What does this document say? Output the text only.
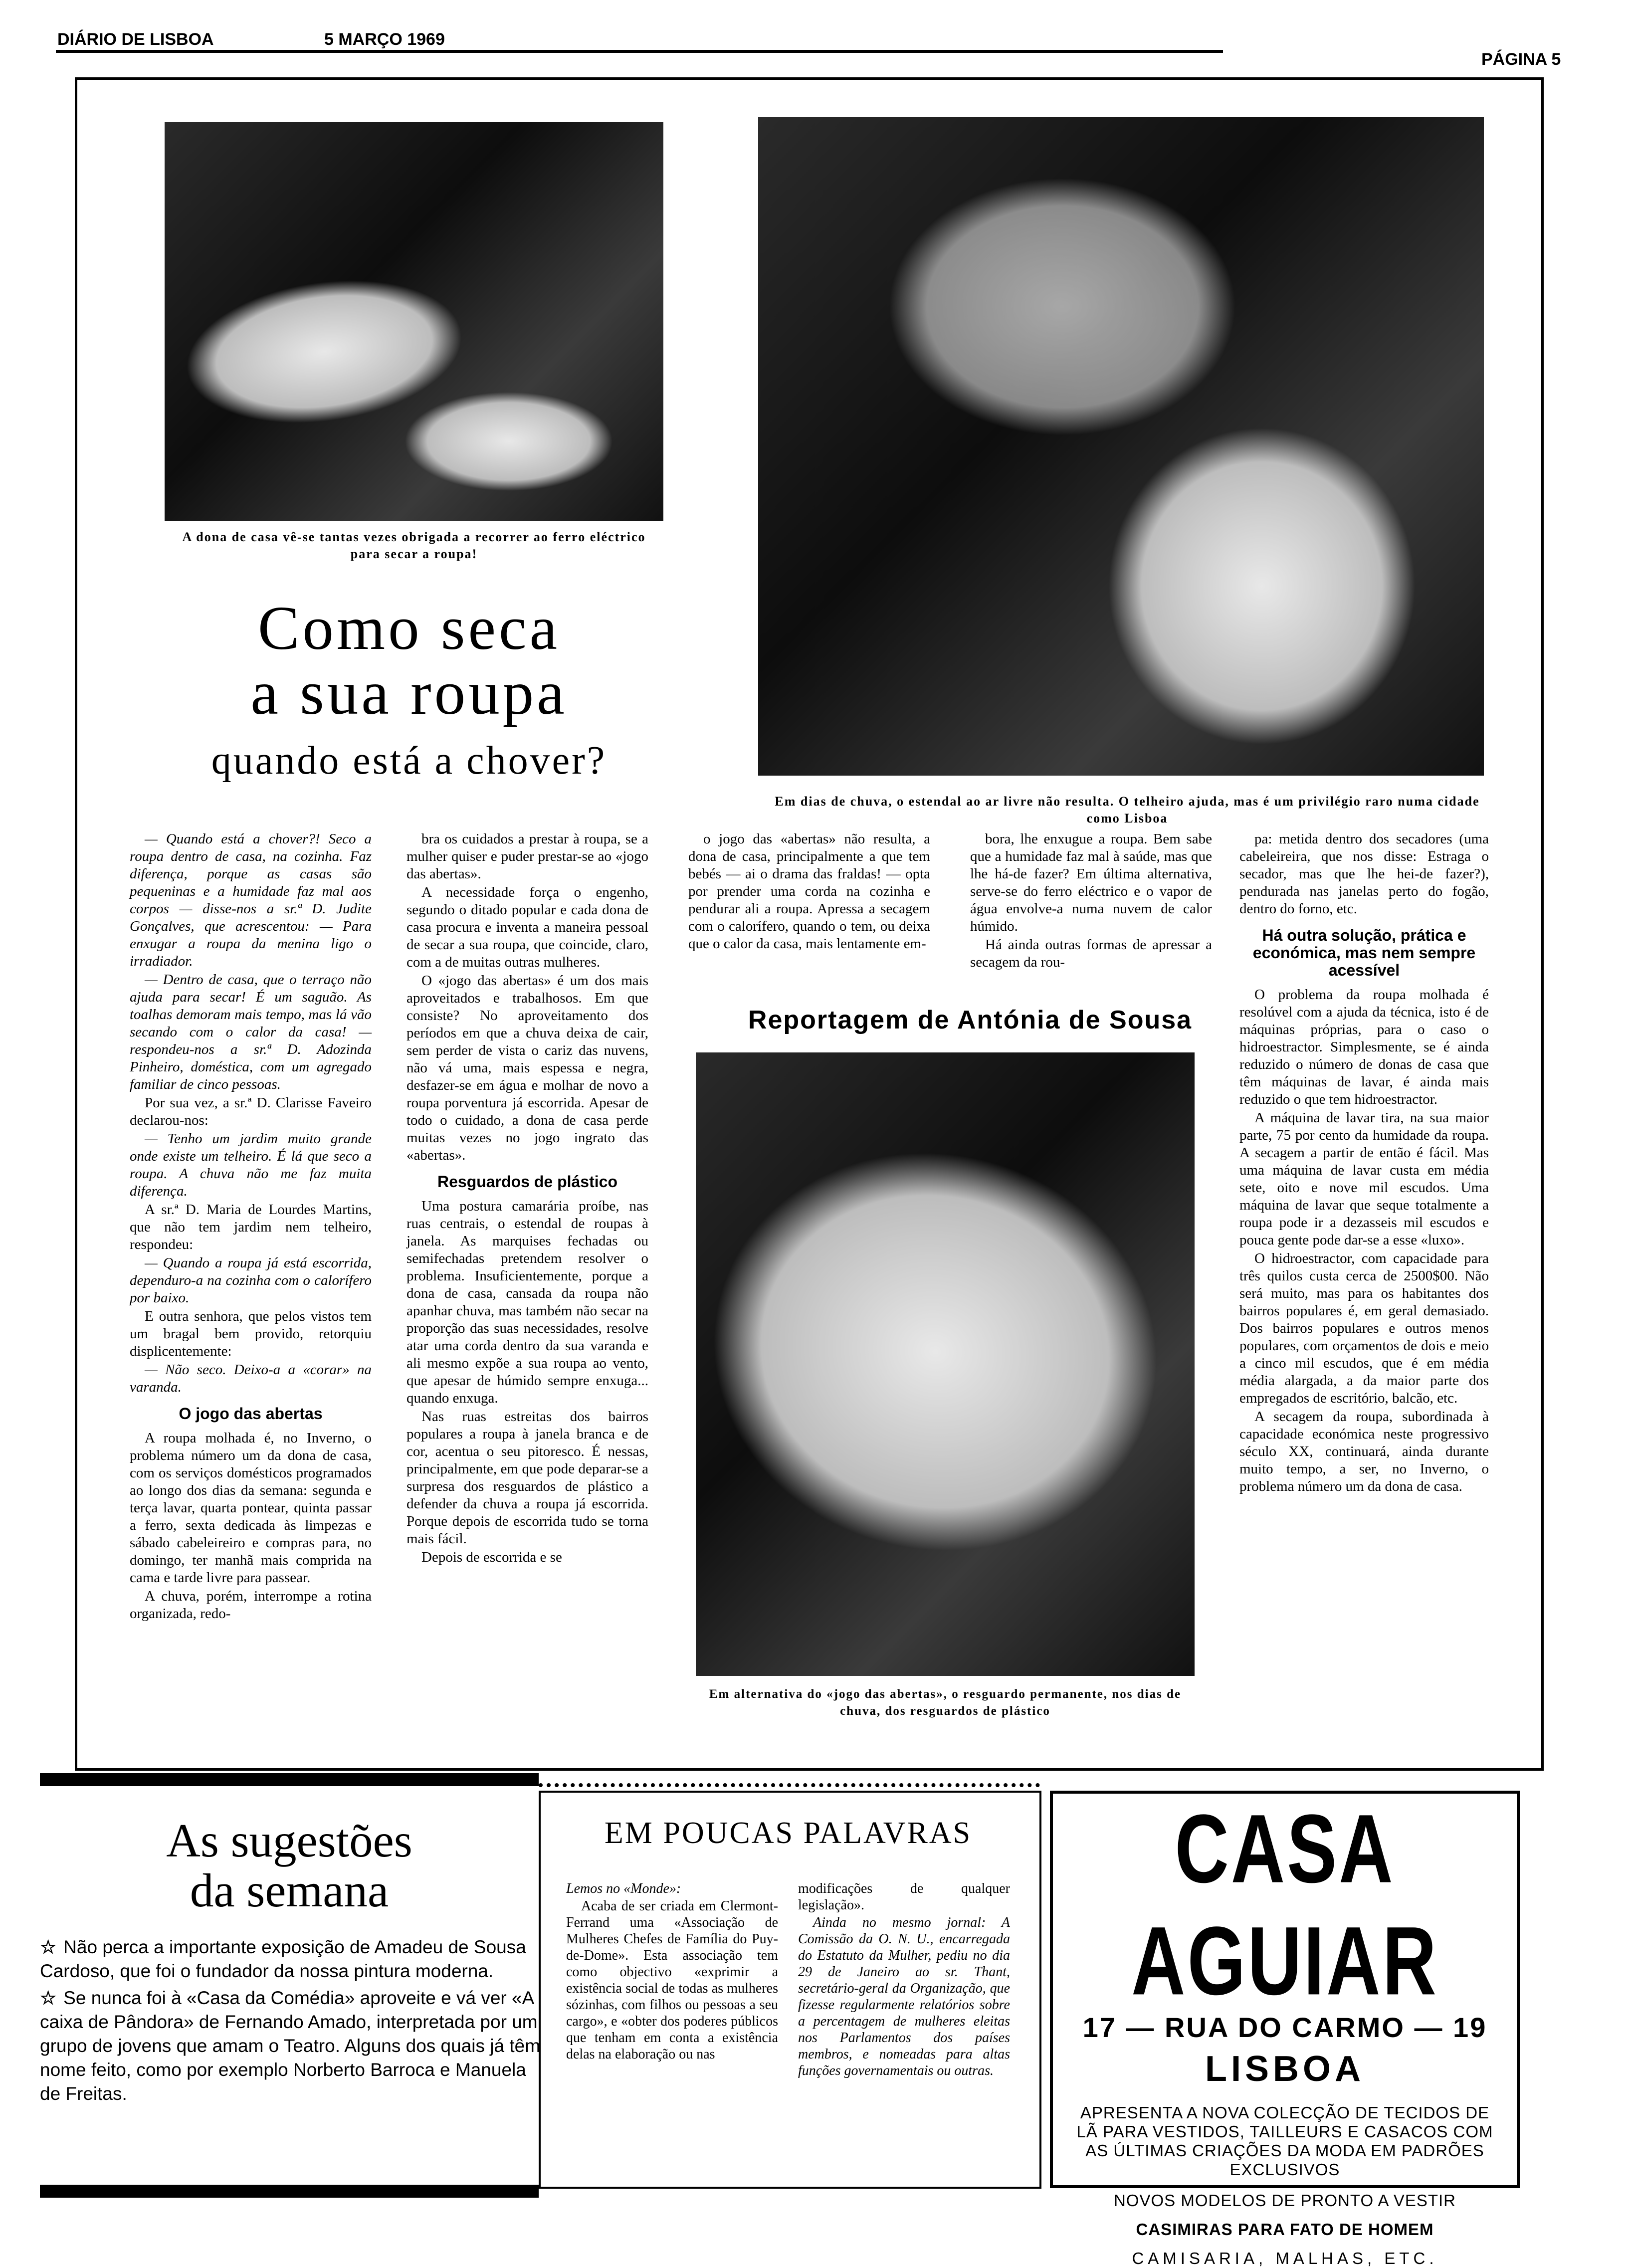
DIÁRIO DE LISBOA	5 MARÇO 1969
PÁGINA 5
A dona de casa vê-se tantas vezes obrigada a recorrer ao ferro eléctrico para secar a roupa!
Em dias de chuva, o estendal ao ar livre não resulta. O telheiro ajuda, mas é um privilégio raro numa cidade como Lisboa
Como seca
a sua roupa
quando está a chover?

— Quando está a chover?! Seco a roupa dentro de casa, na cozinha. Faz diferença, porque as casas são pequeninas e a humidade faz mal aos corpos — disse-nos a sr.ª D. Judite Gonçalves, que acrescentou: — Para enxugar a roupa da menina ligo o irradiador.

— Dentro de casa, que o terraço não ajuda para secar! É um saguão. As toalhas demoram mais tempo, mas lá vão secando com o calor da casa! — respondeu-nos a sr.ª D. Adozinda Pinheiro, doméstica, com um agregado familiar de cinco pessoas.

Por sua vez, a sr.ª D. Clarisse Faveiro declarou-nos:

— Tenho um jardim muito grande onde existe um telheiro. É lá que seco a roupa. A chuva não me faz muita diferença.

A sr.ª D. Maria de Lourdes Martins, que não tem jardim nem telheiro, respondeu:

— Quando a roupa já está escorrida, dependuro-a na cozinha com o calorífero por baixo.

E outra senhora, que pelos vistos tem um bragal bem provido, retorquiu displicentemente:

— Não seco. Deixo-a a «corar» na varanda.

O jogo das abertas

A roupa molhada é, no Inverno, o problema número um da dona de casa, com os serviços domésticos programados ao longo dos dias da semana: segunda e terça lavar, quarta pontear, quinta passar a ferro, sexta dedicada às limpezas e sábado cabeleireiro e compras para, no domingo, ter manhã mais comprida na cama e tarde livre para passear.

A chuva, porém, interrompe a rotina organizada, redo-

bra os cuidados a prestar à roupa, se a mulher quiser e puder prestar-se ao «jogo das abertas».

A necessidade força o engenho, segundo o ditado popular e cada dona de casa procura e inventa a maneira pessoal de secar a sua roupa, que coincide, claro, com a de muitas outras mulheres.

O «jogo das abertas» é um dos mais aproveitados e trabalhosos. Em que consiste? No aproveitamento dos períodos em que a chuva deixa de cair, sem perder de vista o cariz das nuvens, não vá uma, mais espessa e negra, desfazer-se em água e molhar de novo a roupa porventura já escorrida. Apesar de todo o cuidado, a dona de casa perde muitas vezes no jogo ingrato das «abertas».

Resguardos de plástico

Uma postura camarária proíbe, nas ruas centrais, o estendal de roupas à janela. As marquises fechadas ou semifechadas pretendem resolver o problema. Insuficientemente, porque a dona de casa, cansada da roupa não apanhar chuva, mas também não secar na proporção das suas necessidades, resolve atar uma corda dentro da sua varanda e ali mesmo expõe a sua roupa ao vento, que apesar de húmido sempre enxuga... quando enxuga.

Nas ruas estreitas dos bairros populares a roupa à janela branca e de cor, acentua o seu pitoresco. É nessas, principalmente, em que pode deparar-se a surpresa dos resguardos de plástico a defender da chuva a roupa já escorrida. Porque depois de escorrida tudo se torna mais fácil.

Depois de escorrida e se

o jogo das «abertas» não resulta, a dona de casa, principalmente a que tem bebés — ai o drama das fraldas! — opta por prender uma corda na cozinha e pendurar ali a roupa. Apressa a secagem com o calorífero, quando o tem, ou deixa que o calor da casa, mais lentamente em-

bora, lhe enxugue a roupa. Bem sabe que a humidade faz mal à saúde, mas que lhe há-de fazer? Em última alternativa, serve-se do ferro eléctrico e o vapor de água envolve-a numa nuvem de calor húmido.

Há ainda outras formas de apressar a secagem da rou-

Reportagem de Antónia de Sousa
Em alternativa do «jogo das abertas», o resguardo permanente, nos dias de chuva, dos resguardos de plástico

pa: metida dentro dos secadores (uma cabeleireira, que nos disse: Estraga o secador, mas que lhe hei-de fazer?), pendurada nas janelas perto do fogão, dentro do forno, etc.

Há outra solução, prática e económica, mas nem sempre acessível

O problema da roupa molhada é resolúvel com a ajuda da técnica, isto é de máquinas próprias, para o caso o hidroestractor. Simplesmente, se é ainda reduzido o número de donas de casa que têm máquinas de lavar, é ainda mais reduzido o que tem hidroestractor.

A máquina de lavar tira, na sua maior parte, 75 por cento da humidade da roupa. A secagem a partir de então é fácil. Mas uma máquina de lavar custa em média sete, oito e nove mil escudos. Uma máquina de lavar que seque totalmente a roupa pode ir a dezasseis mil escudos e pouca gente pode dar-se a esse «luxo».

O hidroestractor, com capacidade para três quilos custa cerca de 2500$00. Não será muito, mas para os habitantes dos bairros populares é, em geral demasiado. Dos bairros populares e outros menos populares, com orçamentos de dois e meio a cinco mil escudos, que é em média média alargada, a da maior parte dos empregados de escritório, balcão, etc.

A secagem da roupa, subordinada à capacidade económica neste progressivo século XX, continuará, ainda durante muito tempo, a ser, no Inverno, o problema número um da dona de casa.

As sugestões
da semana
☆ Não perca a importante exposição de Amadeu de Sousa Cardoso, que foi o fundador da nossa pintura moderna.
☆ Se nunca foi à «Casa da Comédia» aproveite e vá ver «A caixa de Pândora» de Fernando Amado, interpretada por um grupo de jovens que amam o Teatro. Alguns dos quais já têm nome feito, como por exemplo Norberto Barroca e Manuela de Freitas.
EM POUCAS PALAVRAS

Lemos no «Monde»:

Acaba de ser criada em Clermont-Ferrand uma «Associação de Mulheres Chefes de Família do Puy-de-Dome». Esta associação tem como objectivo «exprimir a existência social de todas as mulheres sózinhas, com filhos ou pessoas a seu cargo», e «obter dos poderes públicos que tenham em conta a existência delas na elaboração ou nas

modificações de qualquer legislação».

Ainda no mesmo jornal: A Comissão da O. N. U., encarregada do Estatuto da Mulher, pediu no dia 29 de Janeiro ao sr. Thant, secretário-geral da Organização, que fizesse regularmente relatórios sobre a percentagem de mulheres eleitas nos Parlamentos dos países membros, e nomeadas para altas funções governamentais ou outras.

CASA AGUIAR
17 — RUA DO CARMO — 19
LISBOA
APRESENTA A NOVA COLECÇÃO DE TECIDOS DE LÃ PARA VESTIDOS, TAILLEURS E CASACOS COM AS ÚLTIMAS CRIAÇÕES DA MODA EM PADRÕES EXCLUSIVOS
NOVOS MODELOS DE PRONTO A VESTIR
CASIMIRAS PARA FATO DE HOMEM
CAMISARIA, MALHAS, ETC.
